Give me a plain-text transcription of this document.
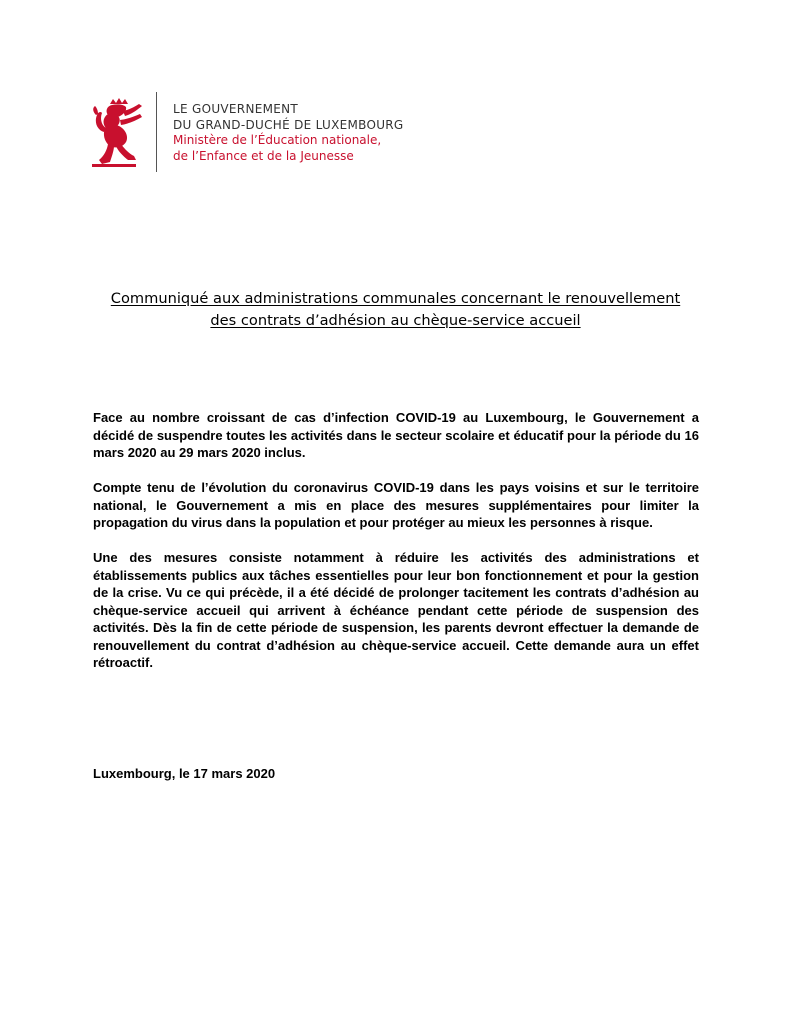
LE GOUVERNEMENT
DU GRAND-DUCHÉ DE LUXEMBOURG
Ministère de l’Éducation nationale,
de l’Enfance et de la Jeunesse
Communiqué aux administrations communales concernant le renouvellement
des contrats d’adhésion au chèque-service accueil

Face au nombre croissant de cas d’infection COVID-19 au Luxembourg, le Gouvernement a décidé de suspendre toutes les activités dans le secteur scolaire et éducatif pour la période du 16 mars 2020 au 29 mars 2020 inclus.

Compte tenu de l’évolution du coronavirus COVID-19 dans les pays voisins et sur le territoire national, le Gouvernement a mis en place des mesures supplémentaires pour limiter la propagation du virus dans la population et pour protéger au mieux les personnes à risque.

Une des mesures consiste notamment à réduire les activités des administrations et établissements publics aux tâches essentielles pour leur bon fonctionnement et pour la gestion de la crise. Vu ce qui précède, il a été décidé de prolonger tacitement les contrats d’adhésion au chèque-service accueil qui arrivent à échéance pendant cette période de suspension des activités. Dès la fin de cette période de suspension, les parents devront effectuer la demande de renouvellement du contrat d’adhésion au chèque-service accueil. Cette demande aura un effet rétroactif.

Luxembourg, le 17 mars 2020
